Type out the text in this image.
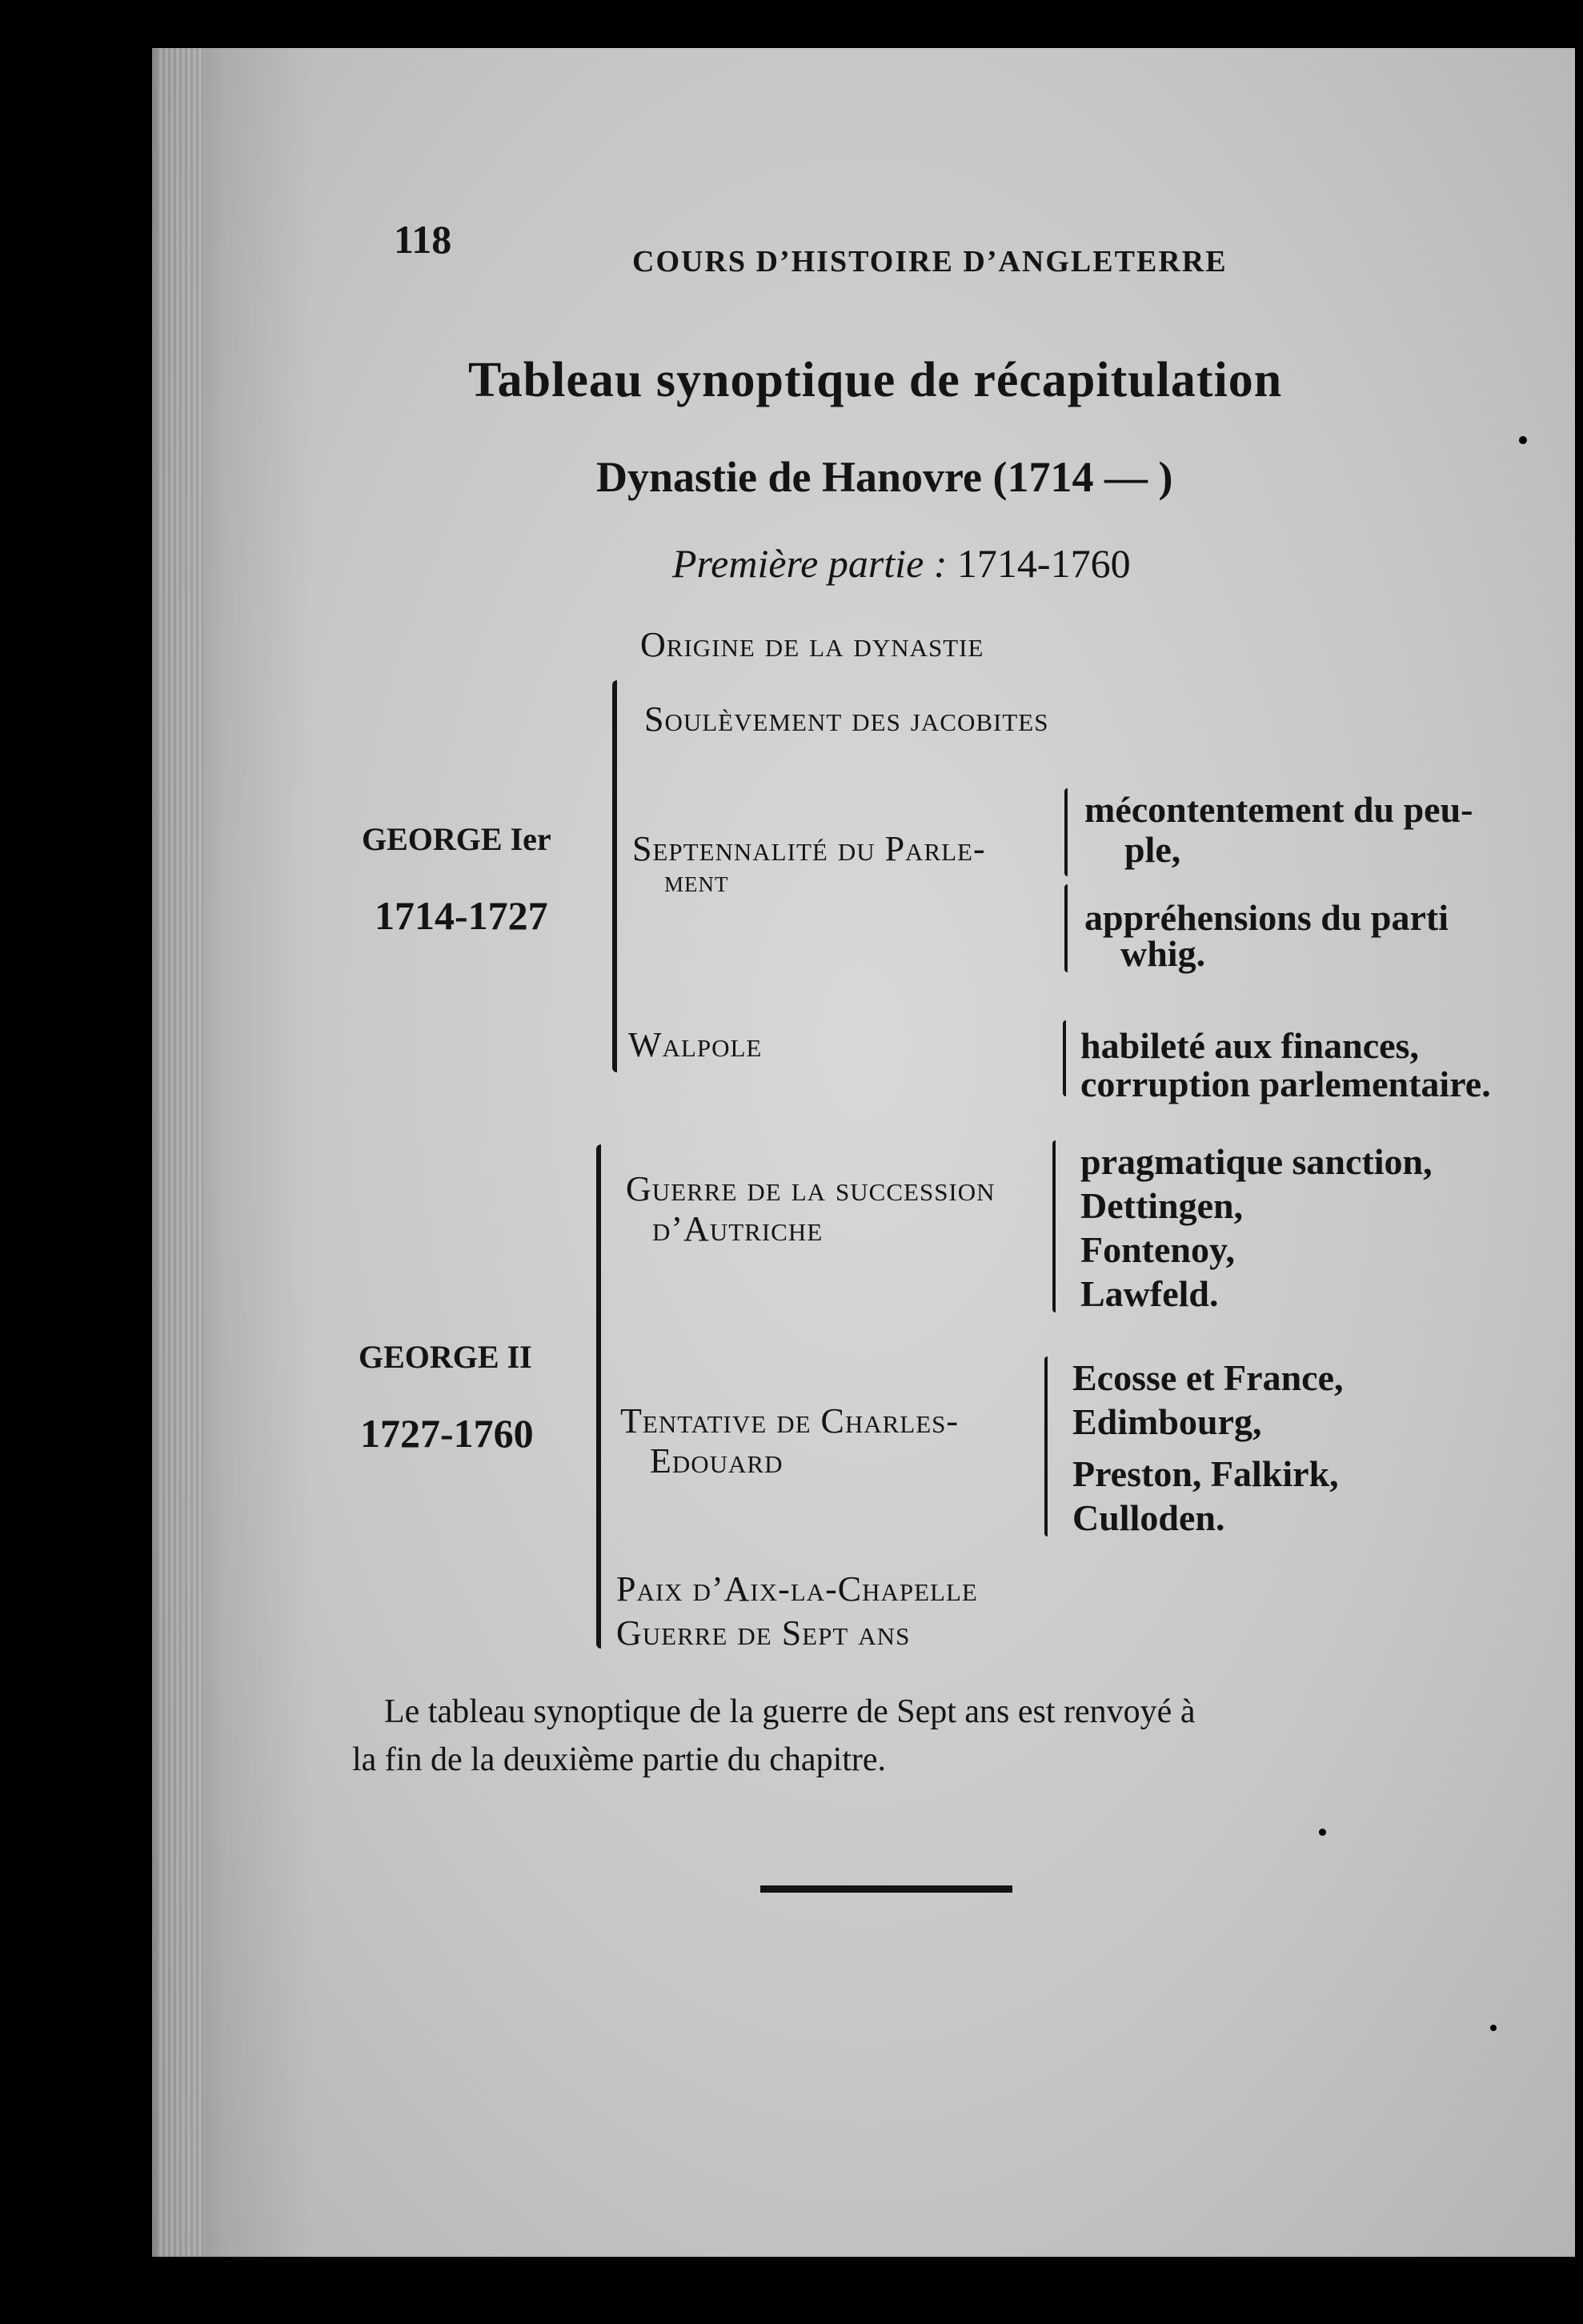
118	COURS D’HISTOIRE D’ANGLETERRE
Tableau synoptique de récapitulation
Dynastie de Hanovre (1714 — )
Première partie : 1714-1760
Origine de la dynastie
GEORGE Ier
1714-1727
Soulèvement des jacobites
Septennalité du Parle-
ment
mécontentement du peu-
ple,
appréhensions du parti
whig.
Walpole	habileté aux finances,
corruption parlementaire.
GEORGE II
1727-1760
Guerre de la succession
d’Autriche
pragmatique sanction,
Dettingen,
Fontenoy,
Lawfeld.
Tentative de Charles-
Edouard
Ecosse et France,
Edimbourg,
Preston, Falkirk,
Culloden.
Paix d’Aix-la-Chapelle
Guerre de Sept ans
Le tableau synoptique de la guerre de Sept ans est renvoyé à
la fin de la deuxième partie du chapitre.
